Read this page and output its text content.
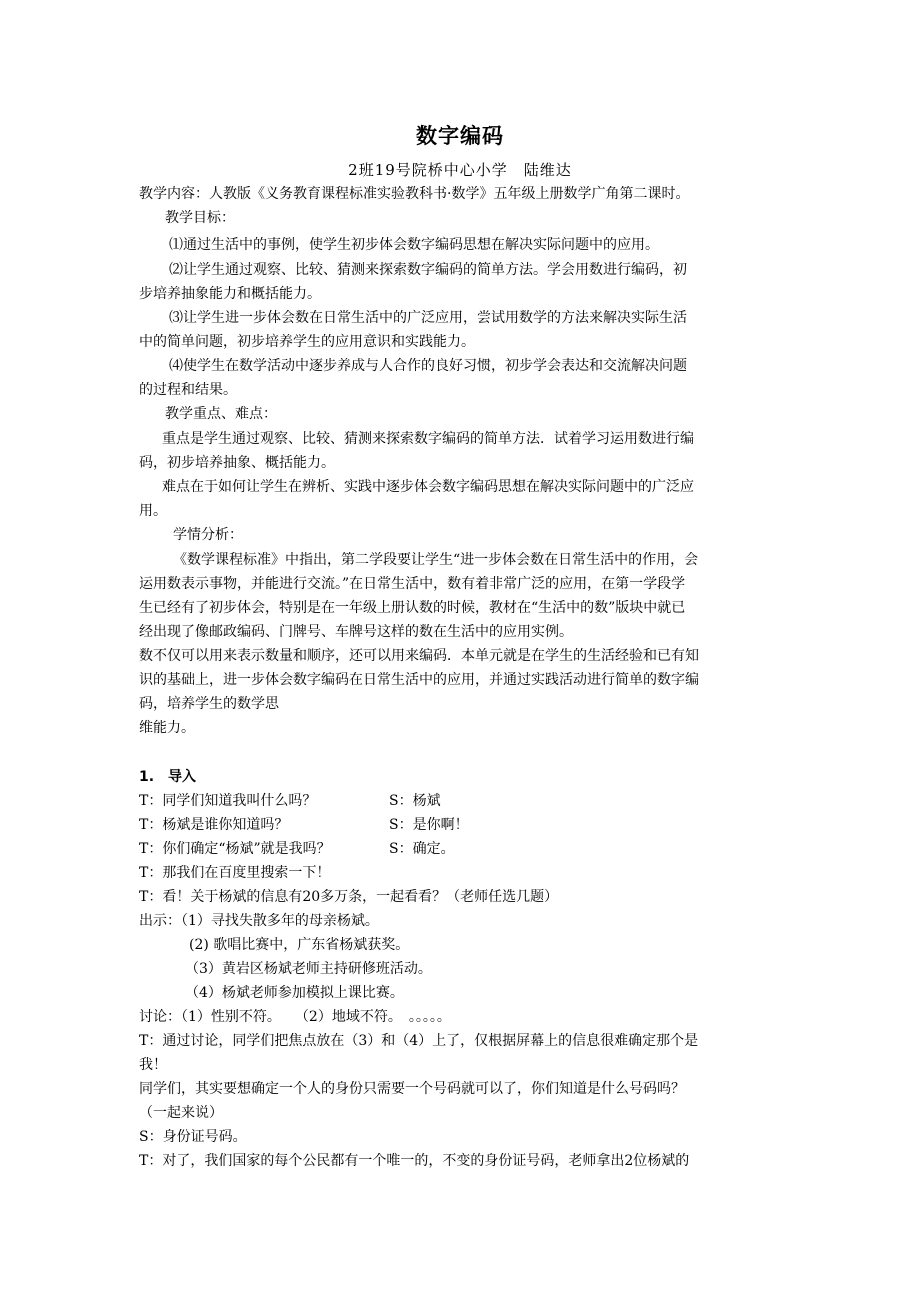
数字编码
2班19号院桥中心小学　陆维达
教学内容：人教版《义务教育课程标准实验教科书·数学》五年级上册数学广角第二课时。
教学目标：
⑴通过生活中的事例，使学生初步体会数字编码思想在解决实际问题中的应用。
⑵让学生通过观察、比较、猜测来探索数字编码的简单方法。学会用数进行编码，初
步培养抽象能力和概括能力。
⑶让学生进一步体会数在日常生活中的广泛应用，尝试用数学的方法来解决实际生活
中的简单问题，初步培养学生的应用意识和实践能力。
⑷使学生在数学活动中逐步养成与人合作的良好习惯，初步学会表达和交流解决问题
的过程和结果。
教学重点、难点：
重点是学生通过观察、比较、猜测来探索数字编码的简单方法．试着学习运用数进行编
码，初步培养抽象、概括能力。
难点在于如何让学生在辨析、实践中逐步体会数字编码思想在解决实际问题中的广泛应
用。
学情分析：
《数学课程标准》中指出，第二学段要让学生“进一步体会数在日常生活中的作用，会
运用数表示事物，并能进行交流。”在日常生活中，数有着非常广泛的应用，在第一学段学
生已经有了初步体会，特别是在一年级上册认数的时候，教材在“生活中的数”版块中就已
经出现了像邮政编码、门牌号、车牌号这样的数在生活中的应用实例。
数不仅可以用来表示数量和顺序，还可以用来编码．本单元就是在学生的生活经验和已有知
识的基础上，进一步体会数字编码在日常生活中的应用，并通过实践活动进行简单的数字编
码，培养学生的数学思
维能力。
1.　导入
T：同学们知道我叫什么吗？	S：杨斌
T：杨斌是谁你知道吗？	S：是你啊！
T：你们确定“杨斌”就是我吗？	S：确定。
T：那我们在百度里搜索一下！
T：看！关于杨斌的信息有20多万条，一起看看？（老师任选几题）
出示：（1）寻找失散多年的母亲杨斌。
(2) 歌唱比赛中，广东省杨斌获奖。
（3）黄岩区杨斌老师主持研修班活动。
（4）杨斌老师参加模拟上课比赛。
讨论：（1）性别不符。　　（2）地域不符。　。。。。。
T：通过讨论，同学们把焦点放在（3）和（4）上了，仅根据屏幕上的信息很难确定那个是
我！
同学们，其实要想确定一个人的身份只需要一个号码就可以了，你们知道是什么号码吗？
（一起来说）
S：身份证号码。
T：对了，我们国家的每个公民都有一个唯一的，不变的身份证号码，老师拿出2位杨斌的
